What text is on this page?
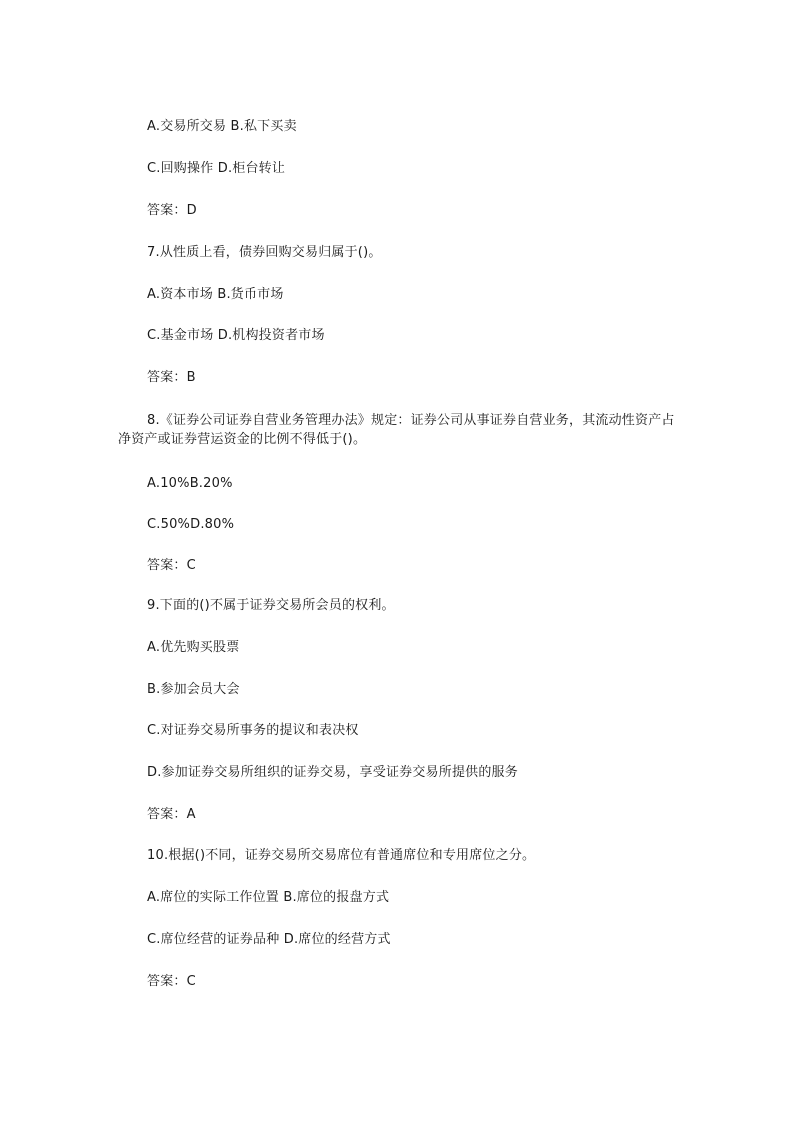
A.交易所交易 B.私下买卖
C.回购操作 D.柜台转让
答案：D
7.从性质上看，债券回购交易归属于()。
A.资本市场 B.货币市场
C.基金市场 D.机构投资者市场
答案：B
8.《证券公司证券自营业务管理办法》规定：证券公司从事证券自营业务，其流动性资产占净资产或证券营运资金的比例不得低于()。
A.10%B.20%
C.50%D.80%
答案：C
9.下面的()不属于证券交易所会员的权利。
A.优先购买股票
B.参加会员大会
C.对证券交易所事务的提议和表决权
D.参加证券交易所组织的证券交易，享受证券交易所提供的服务
答案：A
10.根据()不同，证券交易所交易席位有普通席位和专用席位之分。
A.席位的实际工作位置 B.席位的报盘方式
C.席位经营的证券品种 D.席位的经营方式
答案：C
